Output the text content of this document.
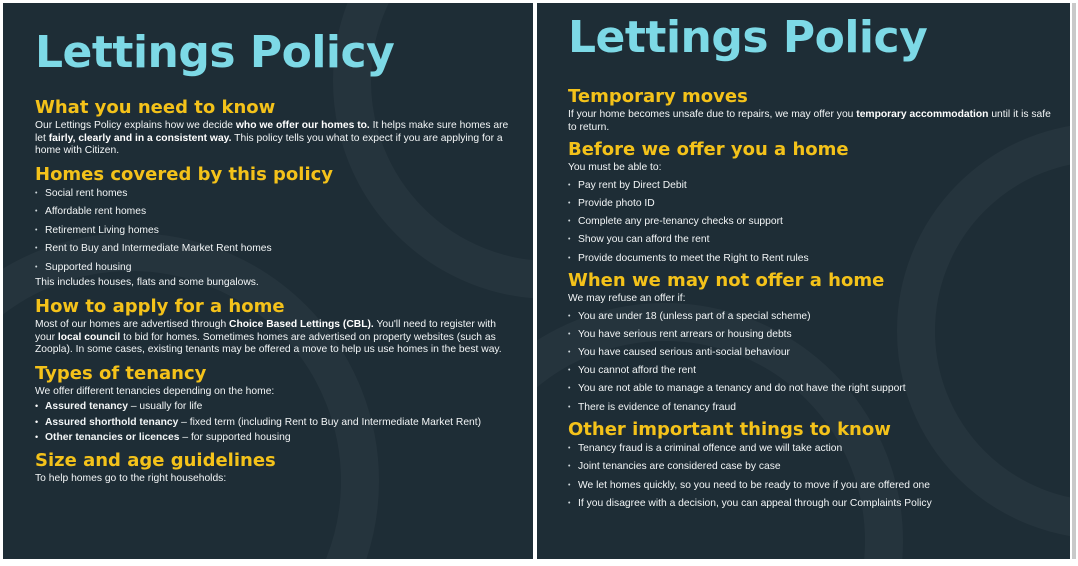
Lettings Policy
What you need to know

Our Lettings Policy explains how we decide who we offer our homes to. It helps make sure homes are let fairly, clearly and in a consistent way. This policy tells you what to expect if you are applying for a home with Citizen.

Homes covered by this policy
• Social rent homes
• Affordable rent homes
• Retirement Living homes
• Rent to Buy and Intermediate Market Rent homes
• Supported housing

This includes houses, flats and some bungalows.

How to apply for a home

Most of our homes are advertised through Choice Based Lettings (CBL). You'll need to register with your local council to bid for homes. Sometimes homes are advertised on property websites (such as Zoopla). In some cases, existing tenants may be offered a move to help us use homes in the best way.

Types of tenancy

We offer different tenancies depending on the home:

• Assured tenancy – usually for life
• Assured shorthold tenancy – fixed term (including Rent to Buy and Intermediate Market Rent)
• Other tenancies or licences – for supported housing
Size and age guidelines

To help homes go to the right households:

Lettings Policy
Temporary moves

If your home becomes unsafe due to repairs, we may offer you temporary accommodation until it is safe to return.

Before we offer you a home

You must be able to:

• Pay rent by Direct Debit
• Provide photo ID
• Complete any pre-tenancy checks or support
• Show you can afford the rent
• Provide documents to meet the Right to Rent rules
When we may not offer a home

We may refuse an offer if:

• You are under 18 (unless part of a special scheme)
• You have serious rent arrears or housing debts
• You have caused serious anti-social behaviour
• You cannot afford the rent
• You are not able to manage a tenancy and do not have the right support
• There is evidence of tenancy fraud
Other important things to know
• Tenancy fraud is a criminal offence and we will take action
• Joint tenancies are considered case by case
• We let homes quickly, so you need to be ready to move if you are offered one
• If you disagree with a decision, you can appeal through our Complaints Policy
